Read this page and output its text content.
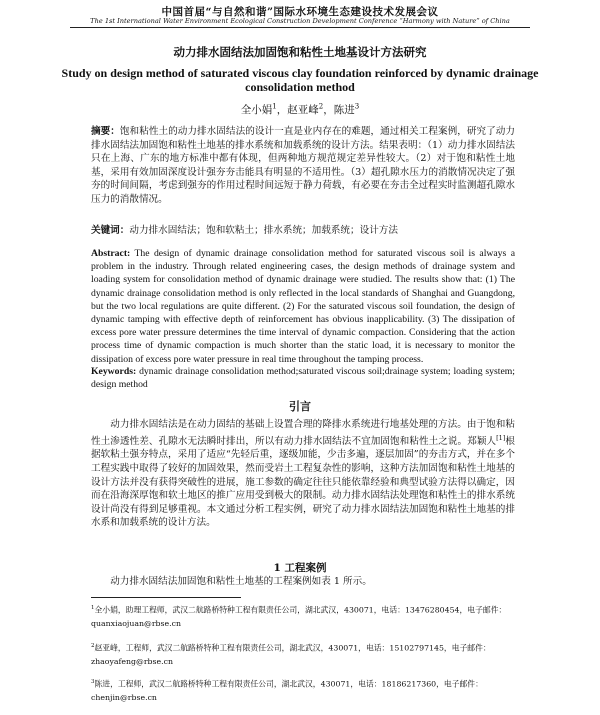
中国首届“与自然和谐”国际水环境生态建设技术发展会议
The 1st International Water Environment Ecological Construction Development Conference “Harmony with Nature” of China
动力排水固结法加固饱和粘性土地基设计方法研究
Study on design method of saturated viscous clay foundation reinforced by dynamic drainage consolidation method
全小娟$^1$，赵亚峰$^2$，陈进$^3$
摘要：饱和粘性土的动力排水固结法的设计一直是业内存在的难题，通过相关工程案例，研究了动力排水固结法加固饱和粘性土地基的排水系统和加载系统的设计方法。结果表明：（1）动力排水固结法只在上海、广东的地方标准中都有体现，但两种地方规范规定差异性较大。（2）对于饱和粘性土地基，采用有效加固深度设计强夯夯击能具有明显的不适用性。（3）超孔隙水压力的消散情况决定了强夯的时间间隔，考虑到强夯的作用过程时间远短于静力荷载，有必要在夯击全过程实时监测超孔隙水压力的消散情况。
关键词：动力排水固结法；饱和软粘土；排水系统；加载系统；设计方法
Abstract: The design of dynamic drainage consolidation method for saturated viscous soil is always a problem in the industry. Through related engineering cases, the design methods of drainage system and loading system for consolidation method of dynamic drainage were studied. The results show that: (1) The dynamic drainage consolidation method is only reflected in the local standards of Shanghai and Guangdong, but the two local regulations are quite different. (2) For the saturated viscous soil foundation, the design of dynamic tamping with effective depth of reinforcement has obvious inapplicability. (3) The dissipation of excess pore water pressure determines the time interval of dynamic compaction. Considering that the action process time of dynamic compaction is much shorter than the static load, it is necessary to monitor the dissipation of excess pore water pressure in real time throughout the tamping process.
Keywords: dynamic drainage consolidation method;saturated viscous soil;drainage system; loading system; design method
引言
动力排水固结法是在动力固结的基础上设置合理的降排水系统进行地基处理的方法。由于饱和粘性土渗透性差、孔隙水无法瞬时排出，所以有动力排水固结法不宜加固饱和粘性土之说。郑颖人[1]根据软粘土强夯特点，采用了适应“先轻后重，逐级加能，少击多遍，逐层加固”的夯击方式，并在多个工程实践中取得了较好的加固效果，然而受岩土工程复杂性的影响，这种方法加固饱和粘性土地基的设计方法并没有获得突破性的进展，施工参数的确定往往只能依靠经验和典型试验方法得以确定，因而在沿海深厚饱和软土地区的推广应用受到极大的限制。动力排水固结法处理饱和粘性土的排水系统设计尚没有得到足够重视。本文通过分析工程实例，研究了动力排水固结法加固饱和粘性土地基的排水系和加载系统的设计方法。
1 工程案例
动力排水固结法加固饱和粘性土地基的工程案例如表 1 所示。
$^1$全小娟，助理工程师，武汉二航路桥特种工程有限责任公司，湖北武汉，430071，电话：13476280454，电子邮件：quanxiaojuan@rbse.cn
$^2$赵亚峰，工程师，武汉二航路桥特种工程有限责任公司，湖北武汉，430071，电话：15102797145，电子邮件：zhaoyafeng@rbse.cn
$^3$陈进，工程师，武汉二航路桥特种工程有限责任公司，湖北武汉，430071，电话：18186217360，电子邮件：chenjin@rbse.cn
